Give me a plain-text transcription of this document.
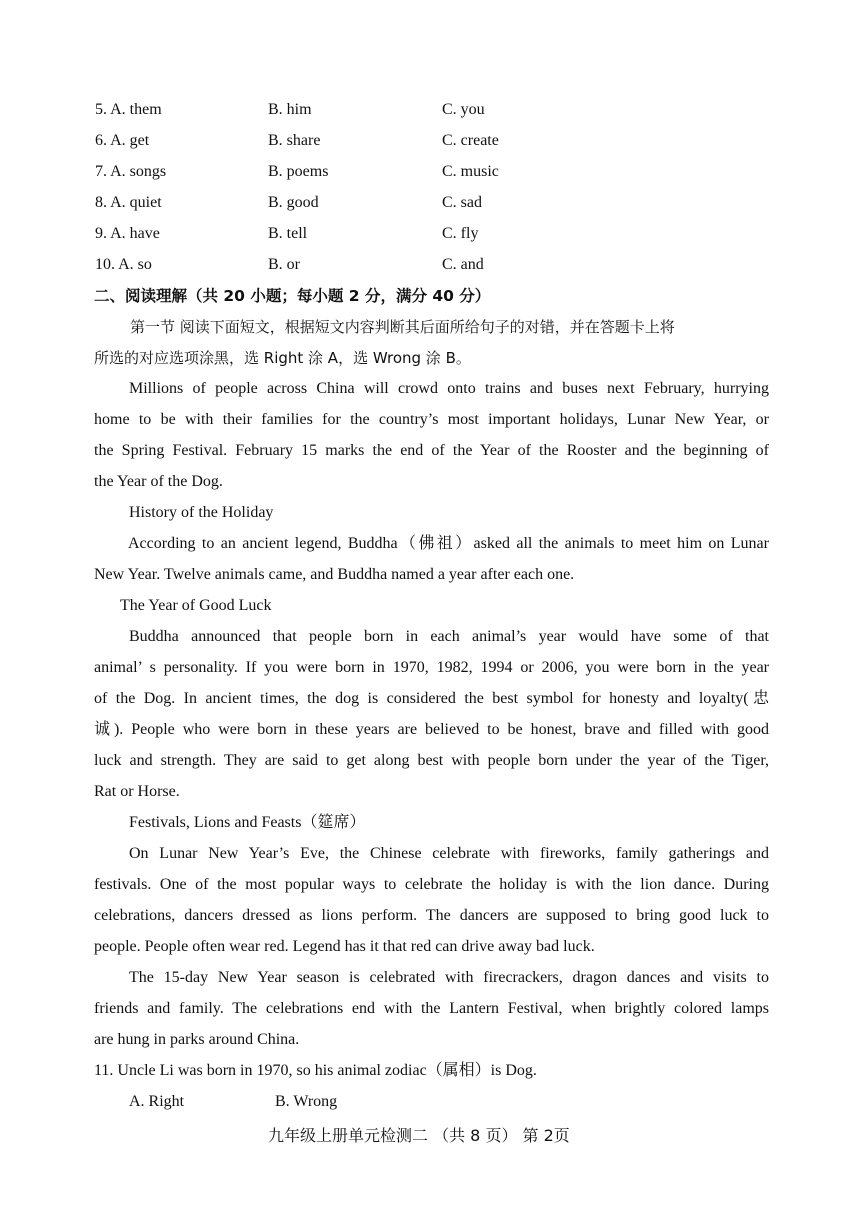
5. A. them	B. him	C. you
6. A. get	B. share	C. create
7. A. songs	B. poems	C. music
8. A. quiet	B. good	C. sad
9. A. have	B. tell	C. fly
10. A. so	B. or	C. and
二、阅读理解（共 20 小题；每小题 2 分，满分 40 分）
第一节 阅读下面短文，根据短文内容判断其后面所给句子的对错，并在答题卡上将
所选的对应选项涂黑，选 Right 涂 A，选 Wrong 涂 B。
Millions of people across China will crowd onto trains and buses next February, hurrying
home to be with their families for the country’s most important holidays, Lunar New Year, or
the Spring Festival. February 15 marks the end of the Year of the Rooster and the beginning of
the Year of the Dog.
History of the Holiday
According to an ancient legend, Buddha（佛祖）asked all the animals to meet him on Lunar
New Year. Twelve animals came, and Buddha named a year after each one.
The Year of Good Luck
Buddha announced that people born in each animal’s year would have some of that
animal’ s personality. If you were born in 1970, 1982, 1994 or 2006, you were born in the year
of the Dog. In ancient times, the dog is considered the best symbol for honesty and loyalty(忠
诚). People who were born in these years are believed to be honest, brave and filled with good
luck and strength. They are said to get along best with people born under the year of the Tiger,
Rat or Horse.
Festivals, Lions and Feasts（筵席）
On Lunar New Year’s Eve, the Chinese celebrate with fireworks, family gatherings and
festivals. One of the most popular ways to celebrate the holiday is with the lion dance. During
celebrations, dancers dressed as lions perform. The dancers are supposed to bring good luck to
people. People often wear red. Legend has it that red can drive away bad luck.
The 15-day New Year season is celebrated with firecrackers, dragon dances and visits to
friends and family. The celebrations end with the Lantern Festival, when brightly colored lamps
are hung in parks around China.
11. Uncle Li was born in 1970, so his animal zodiac（属相）is Dog.
A. Right	B. Wrong
九年级上册单元检测二 （共 8 页） 第 2页
